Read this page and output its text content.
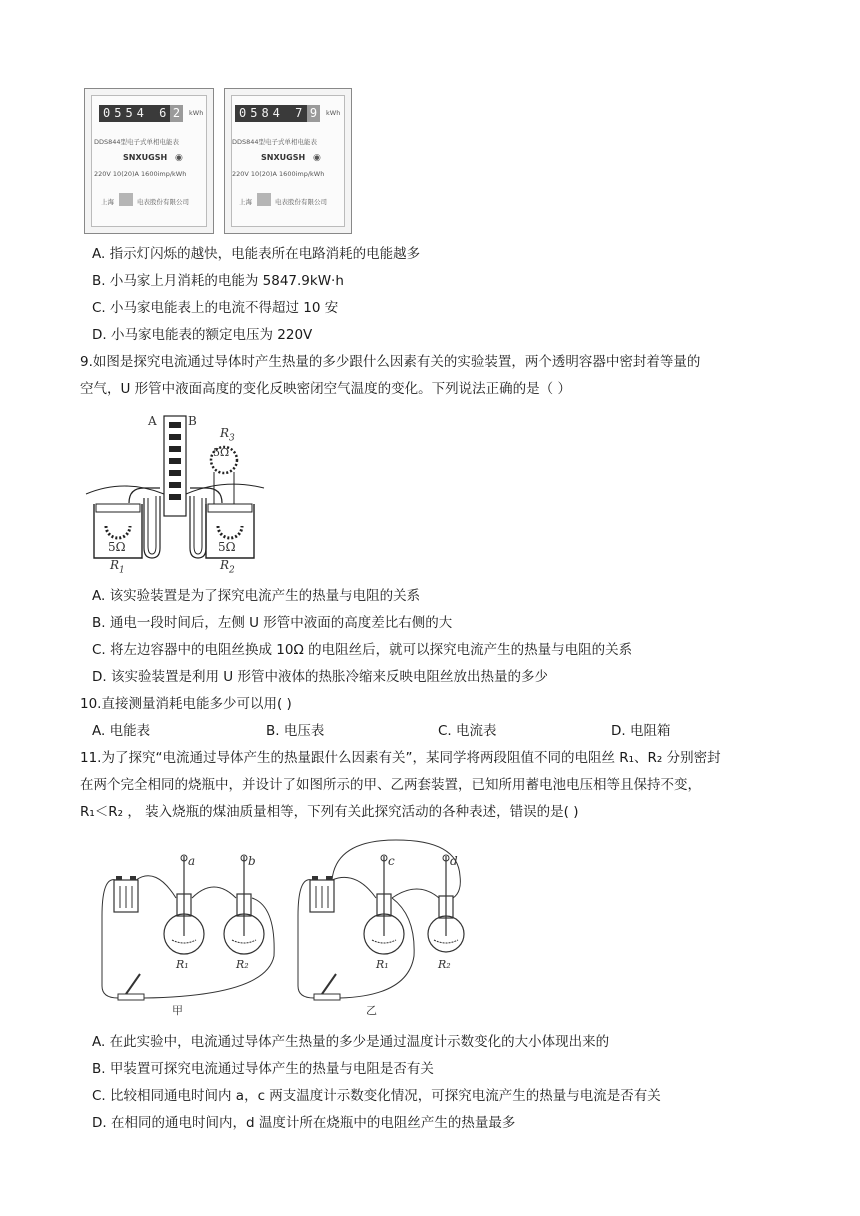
0554 6 2	kWh
DDS844型电子式单相电能表
SNXUGSH ◉
220V 10(20)A 1600imp/kWh
上海	电表股份有限公司
0584 7 9	kWh
DDS844型电子式单相电能表
SNXUGSH ◉
220V 10(20)A 1600imp/kWh
上海	电表股份有限公司
A. 指示灯闪烁的越快，电能表所在电路消耗的电能越多
B. 小马家上月消耗的电能为 5847.9kW·h
C. 小马家电能表上的电流不得超过 10 安
D. 小马家电能表的额定电压为 220V
9.如图是探究电流通过导体时产生热量的多少跟什么因素有关的实验装置，两个透明容器中密封着等量的
空气，U 形管中液面高度的变化反映密闭空气温度的变化。下列说法正确的是（ ）
A	B
$R_3$
5Ω
5Ω	5Ω
$R_1$	$R_2$
A. 该实验装置是为了探究电流产生的热量与电阻的关系
B. 通电一段时间后，左侧 U 形管中液面的高度差比右侧的大
C. 将左边容器中的电阻丝换成 10Ω 的电阻丝后，就可以探究电流产生的热量与电阻的关系
D. 该实验装置是利用 U 形管中液体的热胀冷缩来反映电阻丝放出热量的多少
10.直接测量消耗电能多少可以用( )
A. 电能表	B. 电压表	C. 电流表	D. 电阻箱
11.为了探究“电流通过导体产生的热量跟什么因素有关”，某同学将两段阻值不同的电阻丝 R₁、R₂ 分别密封
在两个完全相同的烧瓶中，并设计了如图所示的甲、乙两套装置，已知所用蓄电池电压相等且保持不变，
R₁＜R₂ ， 装入烧瓶的煤油质量相等，下列有关此探究活动的各种表述，错误的是( )
a	b	c	d
R₁	R₂	R₁	R₂
甲	乙
A. 在此实验中，电流通过导体产生热量的多少是通过温度计示数变化的大小体现出来的
B. 甲装置可探究电流通过导体产生的热量与电阻是否有关
C. 比较相同通电时间内 a，c 两支温度计示数变化情况，可探究电流产生的热量与电流是否有关
D. 在相同的通电时间内，d 温度计所在烧瓶中的电阻丝产生的热量最多
